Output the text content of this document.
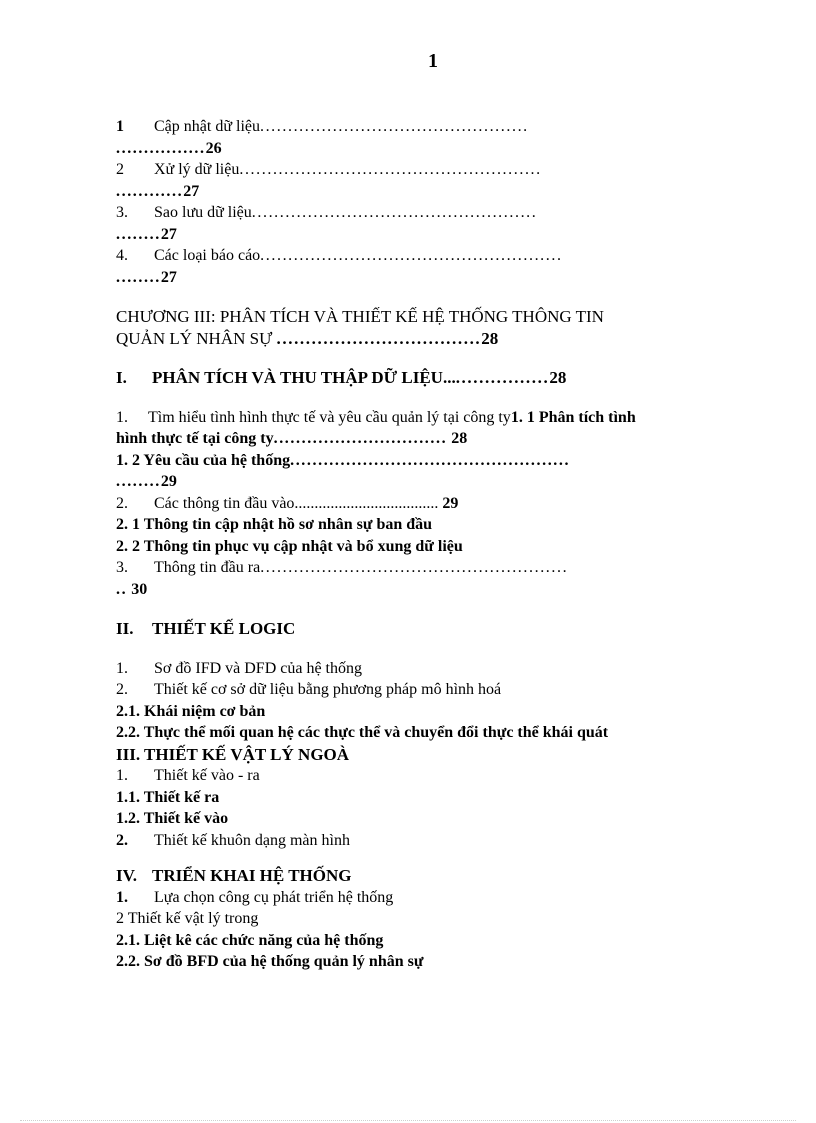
1
1 Cập nhật dữ liệu................................................
................26
2 Xử lý dữ liệu......................................................
............27
3. Sao lưu dữ liệu...................................................
........27
4. Các loại báo cáo......................................................
........27
CHƯƠNG III: PHÂN TÍCH VÀ THIẾT KẾ HỆ THỐNG THÔNG TIN
QUẢN LÝ NHÂN SỰ ...................................28
I. PHÂN TÍCH VÀ THU THẬP DỮ LIỆU...................28
1. Tìm hiểu tình hình thực tế và yêu cầu quản lý tại công ty1. 1 Phân tích tình
hình thực tế tại công ty............................... 28
1. 2 Yêu cầu của hệ thống..................................................
........29
2. Các thông tin đầu vào.................................... 29
2. 1 Thông tin cập nhật hồ sơ nhân sự ban đầu
2. 2 Thông tin phục vụ cập nhật và bổ xung dữ liệu
3. Thông tin đầu ra.......................................................
.. 30
II. THIẾT KẾ LOGIC
1. Sơ đồ IFD và DFD của hệ thống
2. Thiết kế cơ sở dữ liệu bằng phương pháp mô hình hoá
2.1. Khái niệm cơ bản
2.2. Thực thể mối quan hệ các thực thể và chuyển đổi thực thể khái quát
III. THIẾT KẾ VẬT LÝ NGOÀ
1. Thiết kế vào - ra
1.1. Thiết kế ra
1.2. Thiết kế vào
2. Thiết kế khuôn dạng màn hình
IV. TRIỂN KHAI HỆ THỐNG
1. Lựa chọn công cụ phát triển hệ thống
2 Thiết kế vật lý trong
2.1. Liệt kê các chức năng của hệ thống
2.2. Sơ đồ BFD của hệ thống quản lý nhân sự
